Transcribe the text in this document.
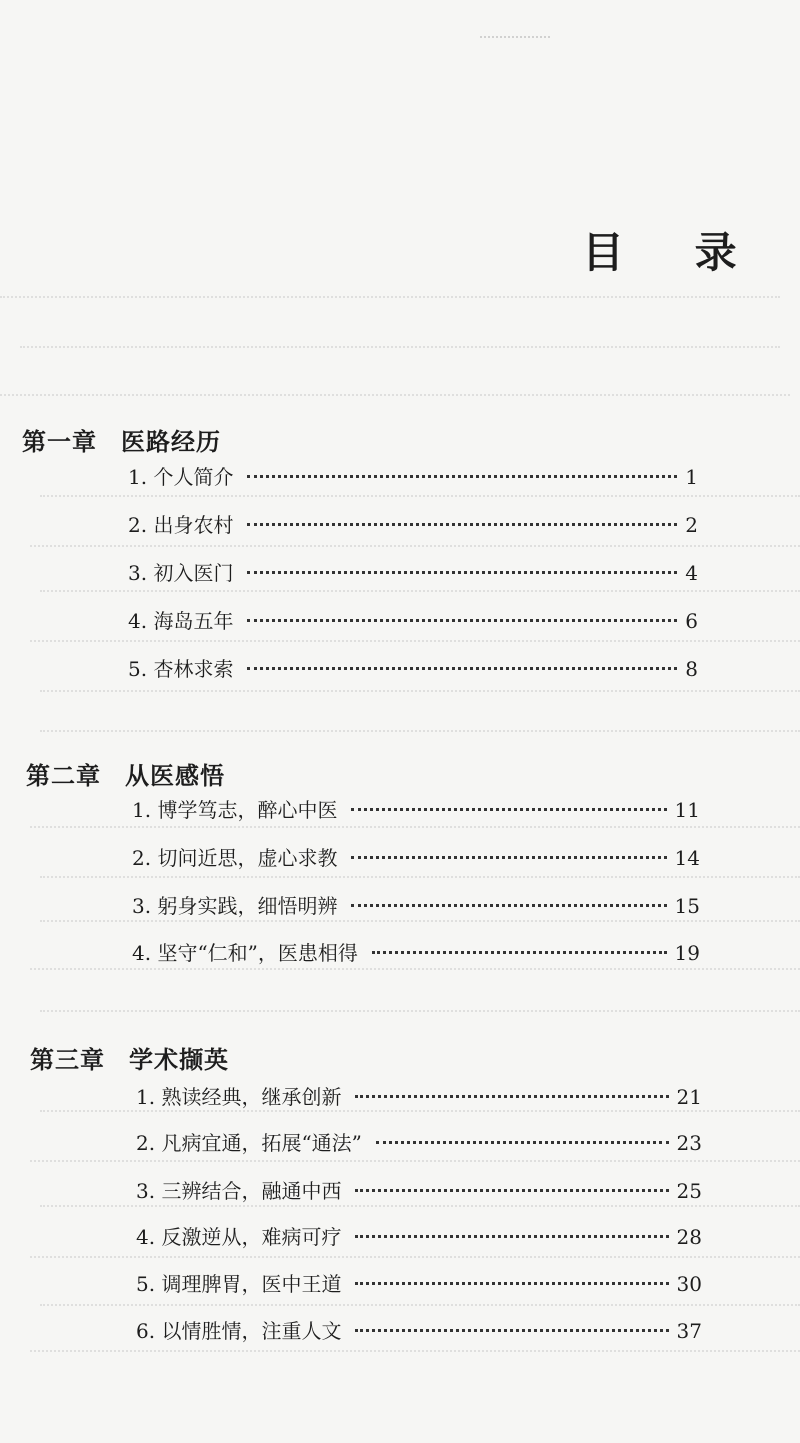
目 录
第一章 医路经历
1. 个人简介	1
2. 出身农村	2
3. 初入医门	4
4. 海岛五年	6
5. 杏林求索	8
第二章 从医感悟
1. 博学笃志，醉心中医	11
2. 切问近思，虚心求教	14
3. 躬身实践，细悟明辨	15
4. 坚守“仁和”，医患相得	19
第三章 学术撷英
1. 熟读经典，继承创新	21
2. 凡病宜通，拓展“通法”	23
3. 三辨结合，融通中西	25
4. 反激逆从，难病可疗	28
5. 调理脾胃，医中王道	30
6. 以情胜情，注重人文	37
